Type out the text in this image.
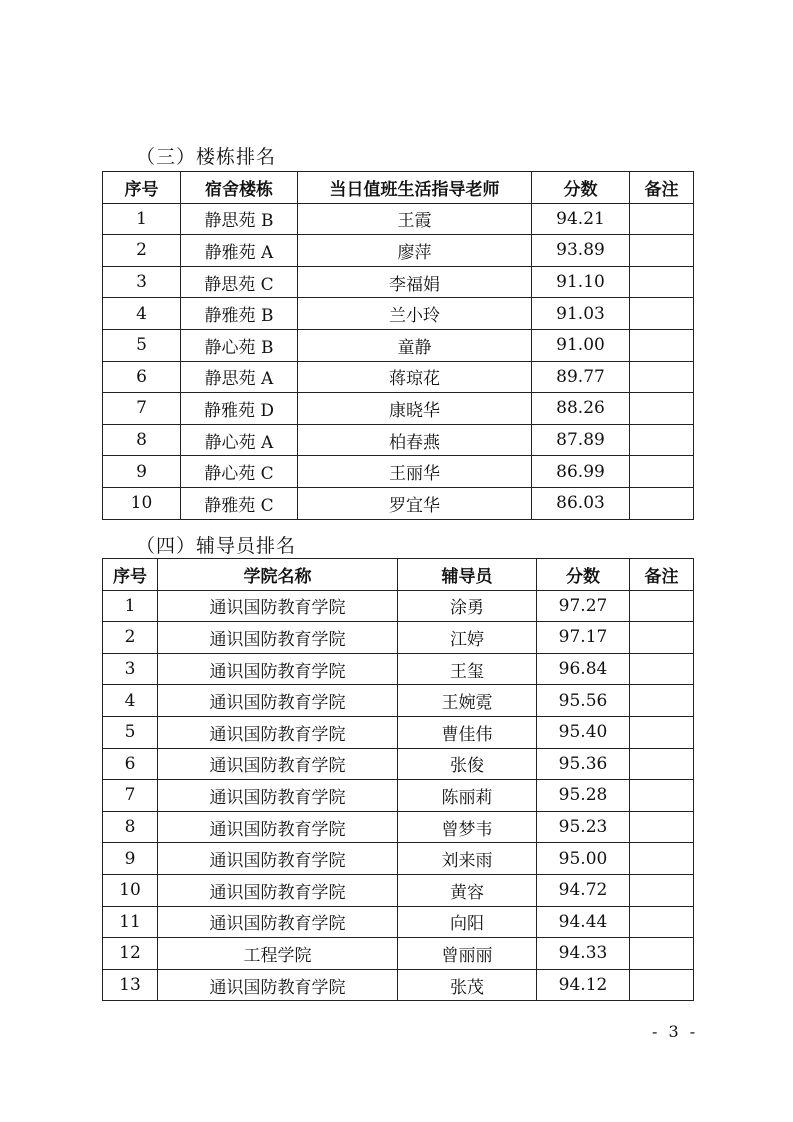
（三）楼栋排名
序号	宿舍楼栋	当日值班生活指导老师	分数	备注
1	静思苑 B	王霞	94.21	
2	静雅苑 A	廖萍	93.89	
3	静思苑 C	李福娟	91.10	
4	静雅苑 B	兰小玲	91.03	
5	静心苑 B	童静	91.00	
6	静思苑 A	蒋琼花	89.77	
7	静雅苑 D	康晓华	88.26	
8	静心苑 A	柏春燕	87.89	
9	静心苑 C	王丽华	86.99	
10	静雅苑 C	罗宜华	86.03	
（四）辅导员排名
序号	学院名称	辅导员	分数	备注
1	通识国防教育学院	涂勇	97.27	
2	通识国防教育学院	江婷	97.17	
3	通识国防教育学院	王玺	96.84	
4	通识国防教育学院	王婉霓	95.56	
5	通识国防教育学院	曹佳伟	95.40	
6	通识国防教育学院	张俊	95.36	
7	通识国防教育学院	陈丽莉	95.28	
8	通识国防教育学院	曾梦韦	95.23	
9	通识国防教育学院	刘来雨	95.00	
10	通识国防教育学院	黄容	94.72	
11	通识国防教育学院	向阳	94.44	
12	工程学院	曾丽丽	94.33	
13	通识国防教育学院	张茂	94.12	
- 3 -
